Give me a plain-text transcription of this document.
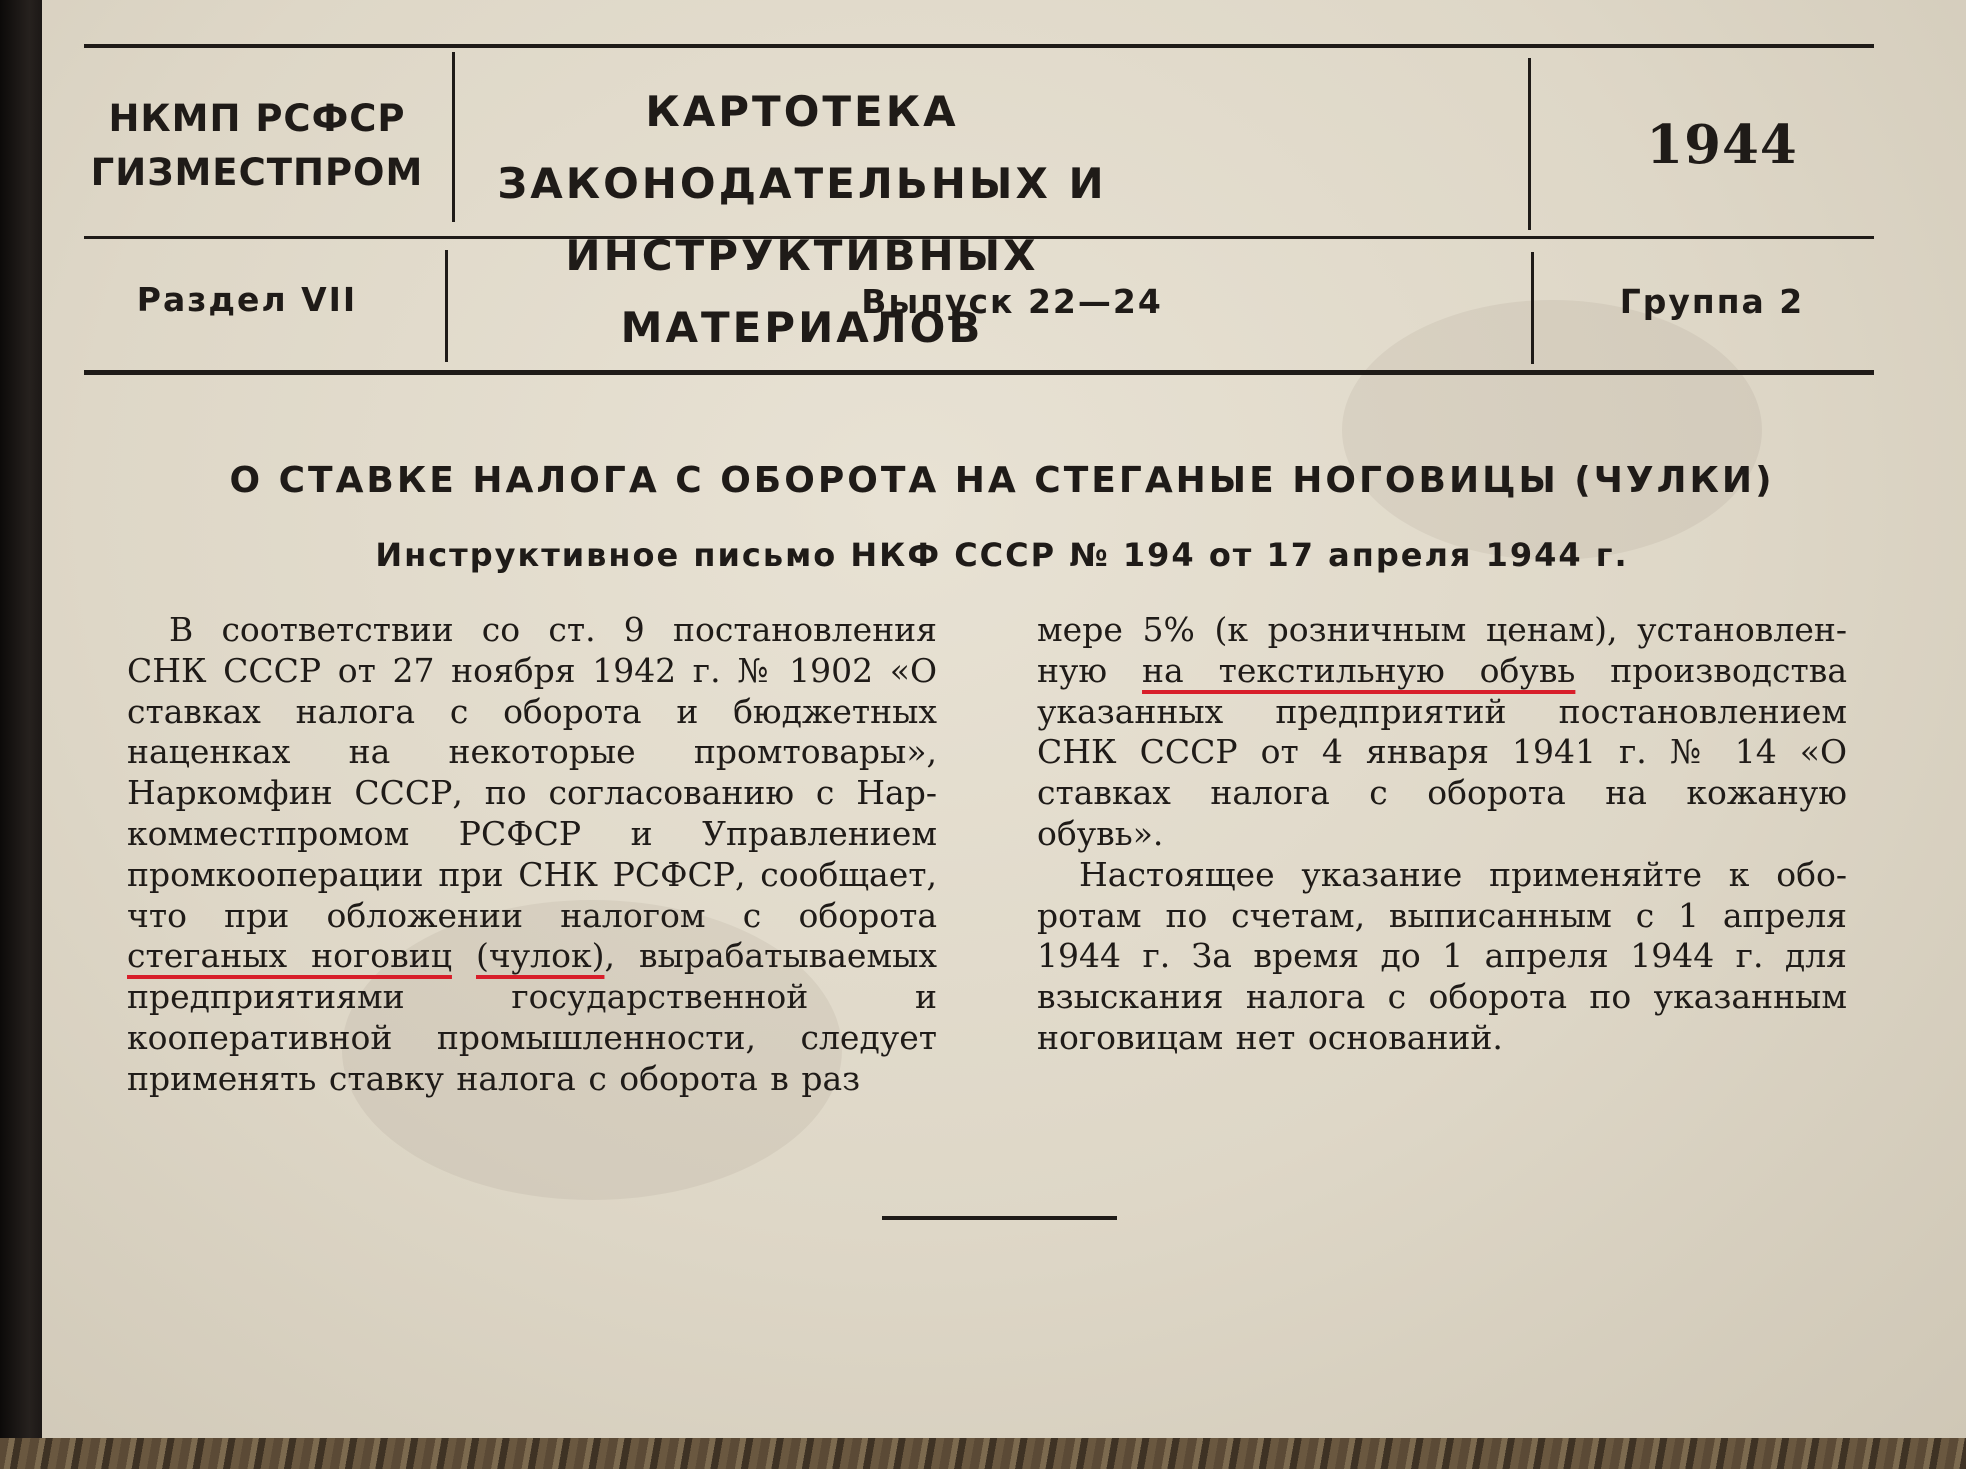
НКМП РСФСР
ГИЗМЕСТПРОМ
КАРТОТЕКА ЗАКОНОДАТЕЛЬНЫХ И
ИНСТРУКТИВНЫХ МАТЕРИАЛОВ
1944
Раздел VII	Выпуск 22—24	Группа 2
О СТАВКЕ НАЛОГА С ОБОРОТА НА СТЕГАНЫЕ НОГОВИЦЫ (ЧУЛКИ)
Инструктивное письмо НКФ СССР № 194 от 17 апреля 1944 г.

В соответствии со ст. 9 постановления СНК СССР от 27 ноября 1942 г. № 1902 «О ставках налога с оборота и бюджетных наценках на некоторые промтовары», Наркомфин СССР, по согласованию с Наркомместпромом РСФСР и Управлением промкооперации при СНК РСФСР, сообщает, что при обложении налогом с оборота стеганых ноговиц (чулок), вырабатываемых предприятиями государственной и кооперативной промышленности, следует применять ставку налога с оборота в раз

мере 5% (к розничным ценам), установленную на текстильную обувь производства указанных предприятий постановлением СНК СССР от 4 января 1941 г. № 14 «О ставках налога с оборота на кожаную обувь».

Настоящее указание применяйте к оборотам по счетам, выписанным с 1 апреля 1944 г. За время до 1 апреля 1944 г. для взыскания налога с оборота по указанным ноговицам нет оснований.
